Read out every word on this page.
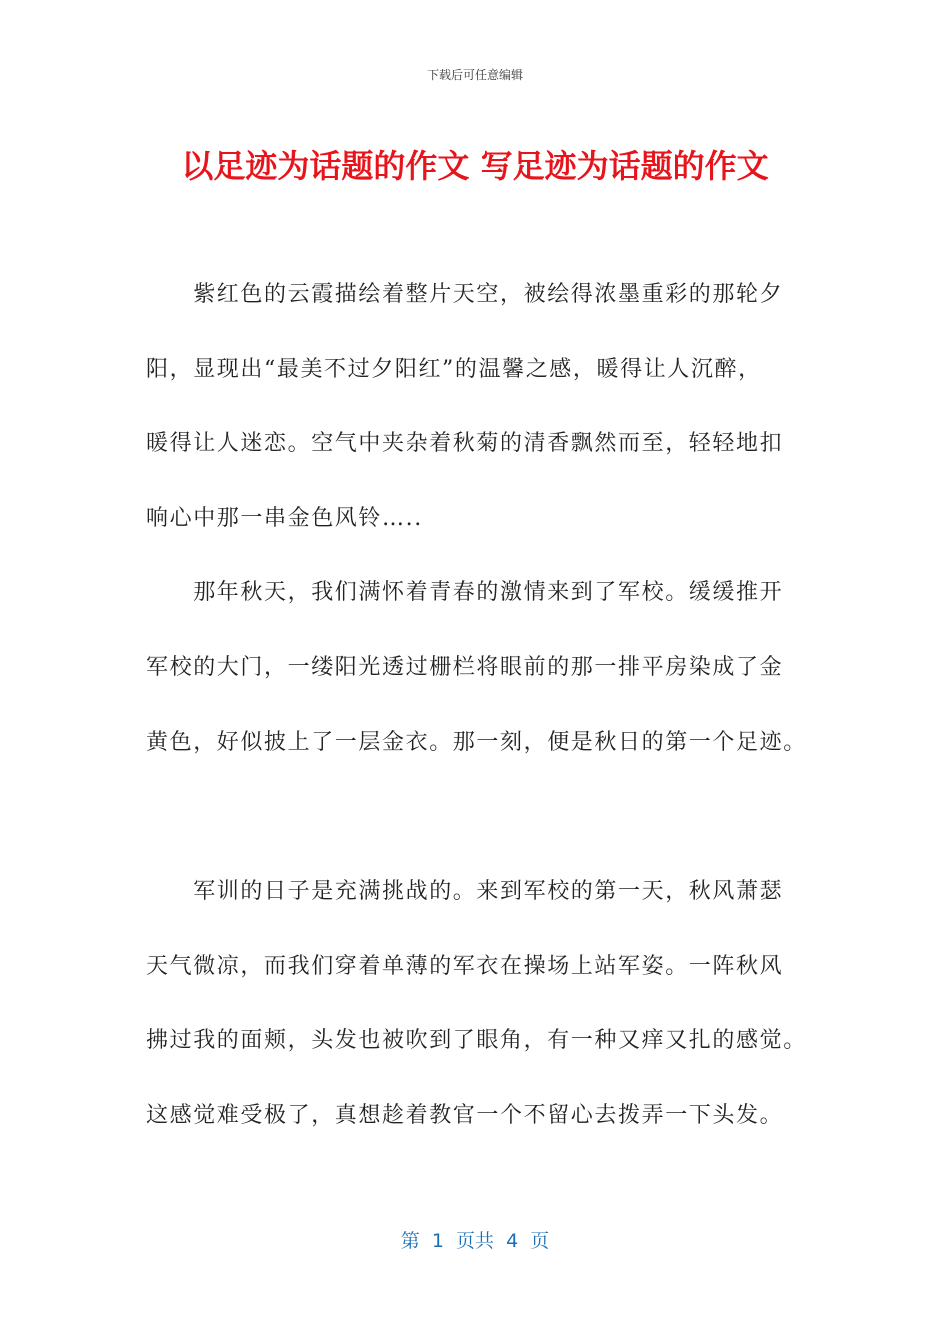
下载后可任意编辑
以足迹为话题的作文 写足迹为话题的作文
　　紫红色的云霞描绘着整片天空，被绘得浓墨重彩的那轮夕
阳，显现出“最美不过夕阳红”的温馨之感，暖得让人沉醉，
暖得让人迷恋。空气中夹杂着秋菊的清香飘然而至，轻轻地扣
响心中那一串金色风铃…..
　　那年秋天，我们满怀着青春的激情来到了军校。缓缓推开
军校的大门，一缕阳光透过栅栏将眼前的那一排平房染成了金
黄色，好似披上了一层金衣。那一刻，便是秋日的第一个足迹。
　　军训的日子是充满挑战的。来到军校的第一天，秋风萧瑟
天气微凉，而我们穿着单薄的军衣在操场上站军姿。一阵秋风
拂过我的面颊，头发也被吹到了眼角，有一种又痒又扎的感觉。
这感觉难受极了，真想趁着教官一个不留心去拨弄一下头发。
第  1  页共  4  页
